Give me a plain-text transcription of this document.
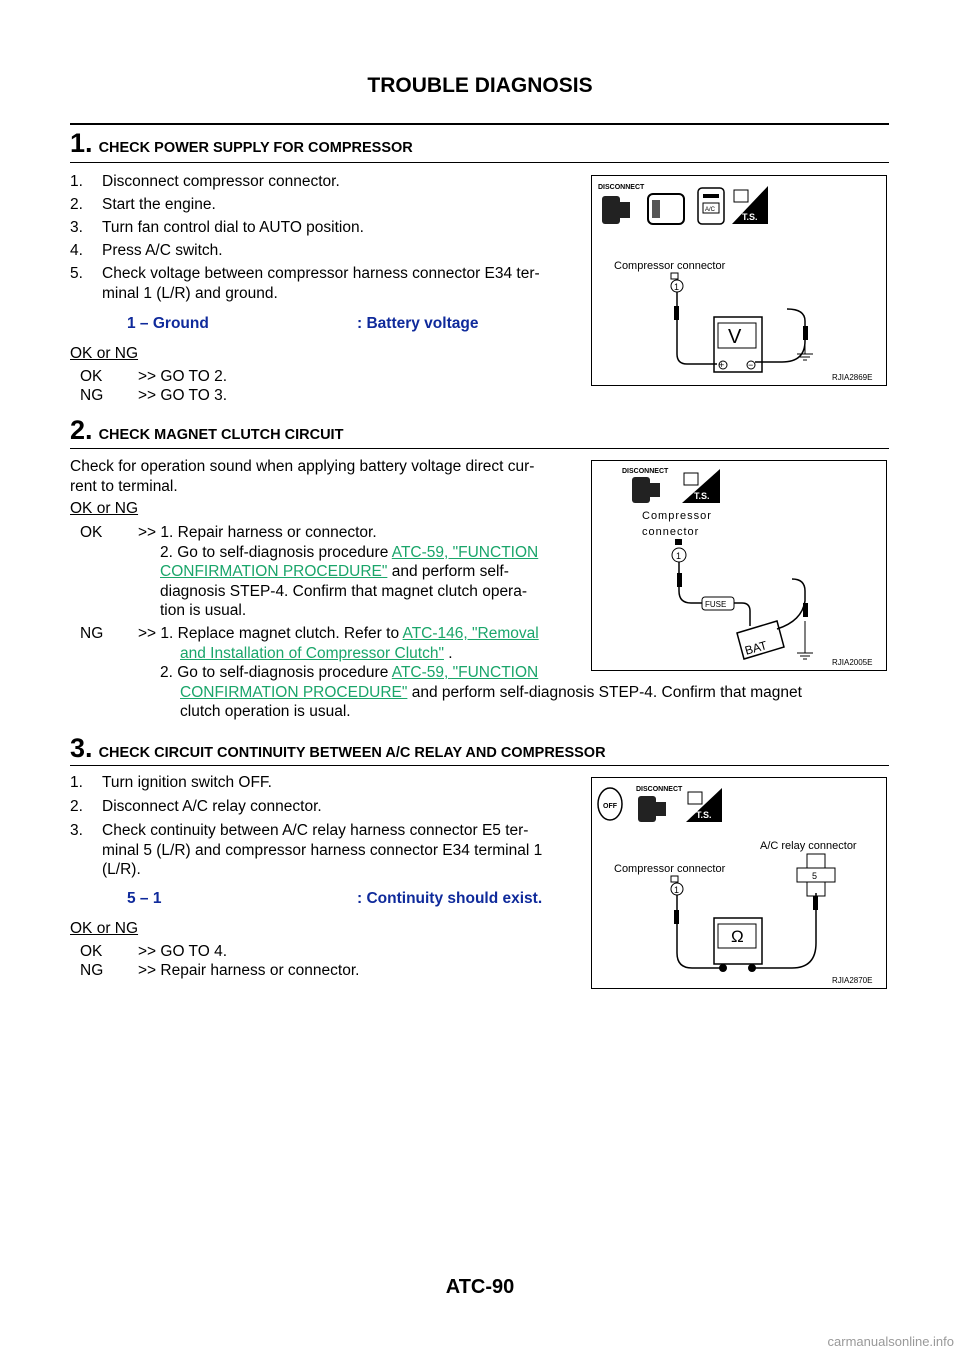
TROUBLE DIAGNOSIS
1. CHECK POWER SUPPLY FOR COMPRESSOR
1. Disconnect compressor connector.
2. Start the engine.
3. Turn fan control dial to AUTO position.
4. Press A/C switch.
5. Check voltage between compressor harness connector E34 ter-
minal 1 (L/R) and ground.
1 – Ground	: Battery voltage
OK or NG
OK >> GO TO 2.
NG >> GO TO 3.
DISCONNECT
A/C
T.S.
Compressor connector
1
V
+	−
RJIA2869E
2. CHECK MAGNET CLUTCH CIRCUIT
Check for operation sound when applying battery voltage direct cur-
rent to terminal.
OK or NG
OK >> 1. Repair harness or connector.

2. Go to self-diagnosis procedure ATC-59, "FUNCTION
CONFIRMATION PROCEDURE" and perform self-
diagnosis STEP-4. Confirm that magnet clutch opera-
tion is usual.
NG >> 1. Replace magnet clutch. Refer to ATC-146, "Removal

and Installation of Compressor Clutch" .
2. Go to self-diagnosis procedure ATC-59, "FUNCTION
CONFIRMATION PROCEDURE" and perform self-diagnosis STEP-4. Confirm that magnet
clutch operation is usual.
DISCONNECT
T.S.
Compressor
connector
1
FUSE
BAT
RJIA2005E
3. CHECK CIRCUIT CONTINUITY BETWEEN A/C RELAY AND COMPRESSOR
1. Turn ignition switch OFF.
2. Disconnect A/C relay connector.
3. Check continuity between A/C relay harness connector E5 ter-
minal 5 (L/R) and compressor harness connector E34 terminal 1
(L/R).
5 – 1	: Continuity should exist.
OK or NG
OK >> GO TO 4.
NG >> Repair harness or connector.
OFF
DISCONNECT
T.S.
A/C relay connector
5
Compressor connector
1
Ω
RJIA2870E
ATC-90
carmanualsonline.info
